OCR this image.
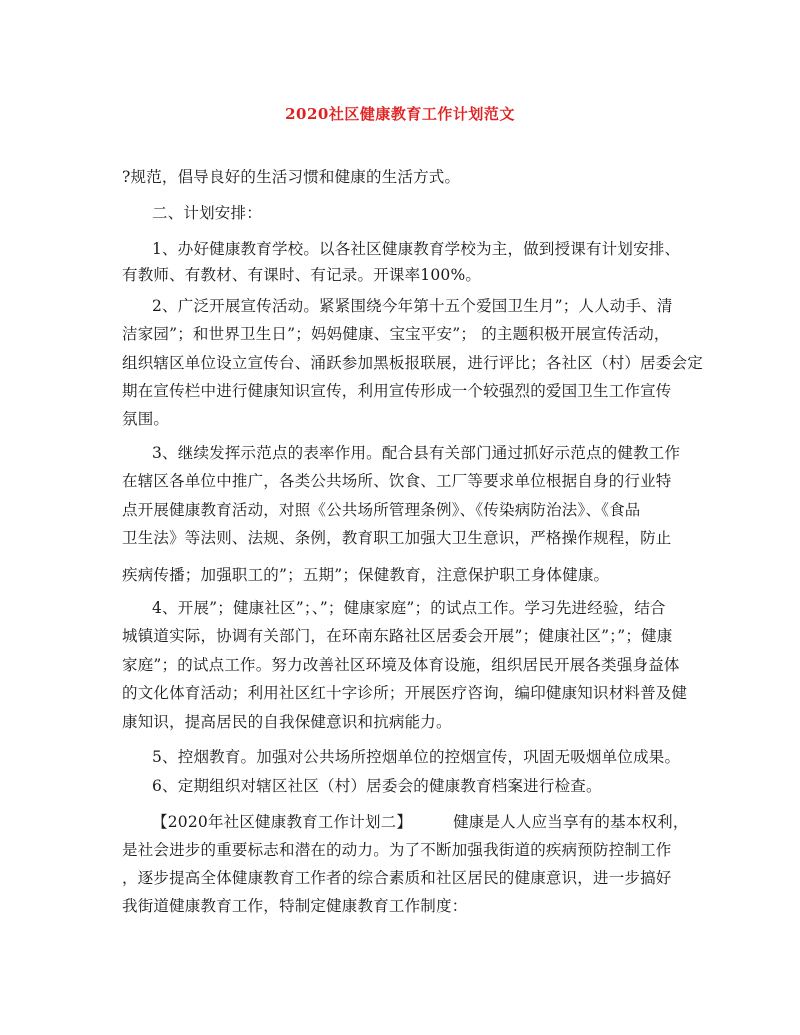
2020社区健康教育工作计划范文
?规范，倡导良好的生活习惯和健康的生活方式。
二、计划安排：
1、办好健康教育学校。以各社区健康教育学校为主，做到授课有计划安排、
有教师、有教材、有课时、有记录。开课率100%。
2、广泛开展宣传活动。紧紧围绕今年第十五个爱国卫生月”；人人动手、清
洁家园”；和世界卫生日”；妈妈健康、宝宝平安”； 的主题积极开展宣传活动，
组织辖区单位设立宣传台、涌跃参加黑板报联展，进行评比；各社区（村）居委会定
期在宣传栏中进行健康知识宣传，利用宣传形成一个较强烈的爱国卫生工作宣传
氛围。
3、继续发挥示范点的表率作用。配合县有关部门通过抓好示范点的健教工作
在辖区各单位中推广，各类公共场所、饮食、工厂等要求单位根据自身的行业特
点开展健康教育活动，对照《公共场所管理条例》、《传染病防治法》、《食品
卫生法》等法则、法规、条例，教育职工加强大卫生意识，严格操作规程，防止
疾病传播；加强职工的”；五期”；保健教育，注意保护职工身体健康。
4、开展”；健康社区”；、”；健康家庭”；的试点工作。学习先进经验，结合
城镇道实际，协调有关部门，在环南东路社区居委会开展”；健康社区”；”；健康
家庭”；的试点工作。努力改善社区环境及体育设施，组织居民开展各类强身益体
的文化体育活动；利用社区红十字诊所；开展医疗咨询，编印健康知识材料普及健
康知识，提高居民的自我保健意识和抗病能力。
5、控烟教育。加强对公共场所控烟单位的控烟宣传，巩固无吸烟单位成果。
6、定期组织对辖区社区（村）居委会的健康教育档案进行检查。
【2020年社区健康教育工作计划二】        健康是人人应当享有的基本权利，
是社会进步的重要标志和潜在的动力。为了不断加强我街道的疾病预防控制工作
，逐步提高全体健康教育工作者的综合素质和社区居民的健康意识，进一步搞好
我街道健康教育工作，特制定健康教育工作制度：
